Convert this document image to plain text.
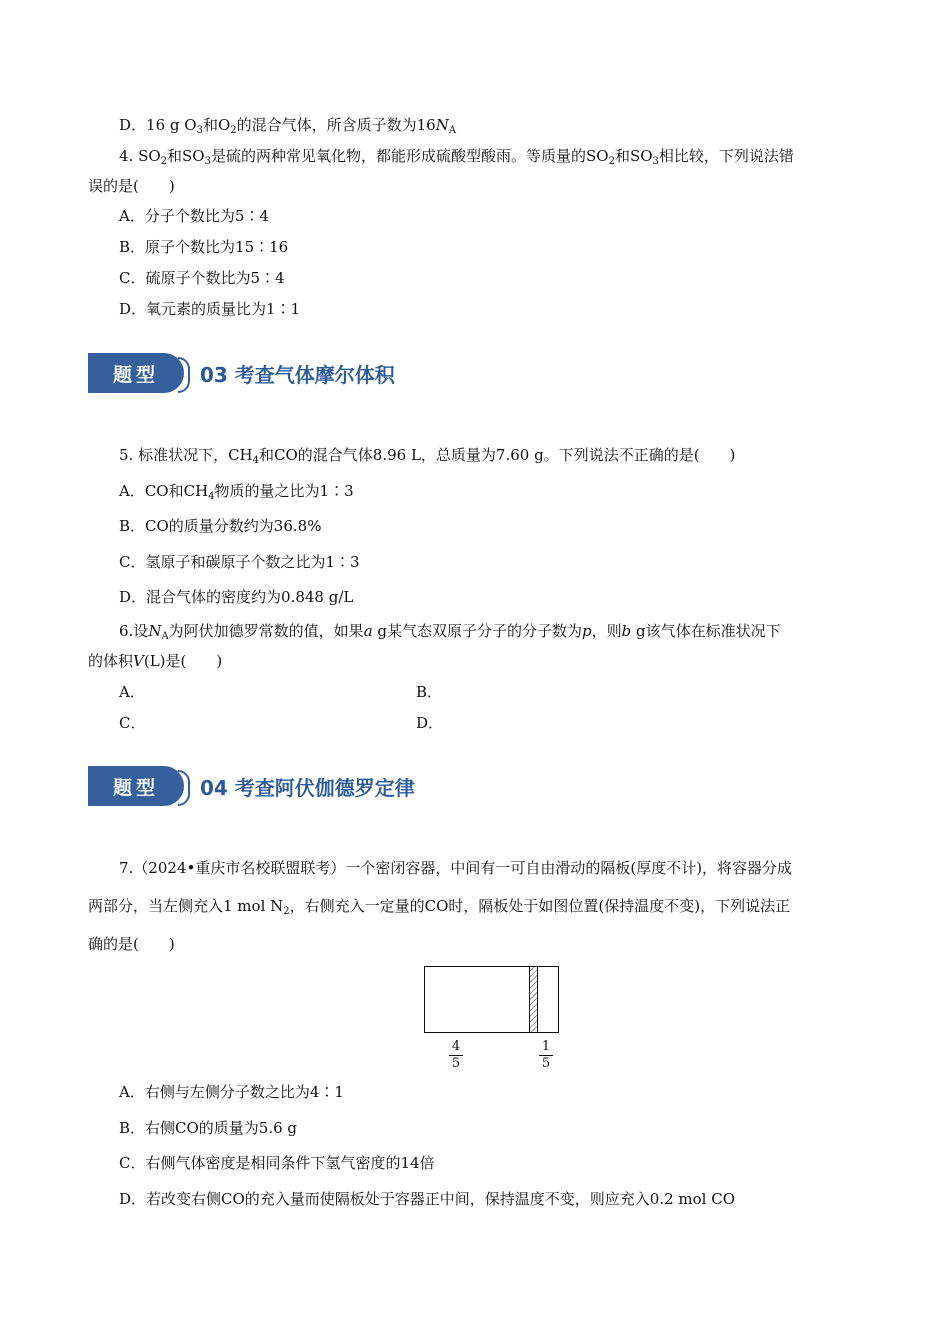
D．16 g $O_3$和$O_2$的混合气体，所含质子数为$16N_A$
4. $SO_2$和$SO_3$是硫的两种常见氧化物，都能形成硫酸型酸雨。等质量的$SO_2$和$SO_3$相比较，下列说法错
误的是(　　)
A．分子个数比为5∶4
B．原子个数比为15∶16
C．硫原子个数比为5∶4
D．氧元素的质量比为1∶1
题型 03 考查气体摩尔体积
5. 标准状况下，$CH_4$和CO的混合气体8.96 L，总质量为7.60 g。下列说法不正确的是(　　)
A．CO和$CH_4$物质的量之比为1∶3
B．CO的质量分数约为36.8%
C．氢原子和碳原子个数之比为1∶3
D．混合气体的密度约为0.848 g/L
6.设$N_A$为阿伏加德罗常数的值，如果a g某气态双原子分子的分子数为p，则b g该气体在标准状况下
的体积V(L)是(　　)
A．	B．
C．	D．
题型 04 考查阿伏伽德罗定律
7.（2024•重庆市名校联盟联考）一个密闭容器，中间有一可自由滑动的隔板(厚度不计)，将容器分成
两部分，当左侧充入1 mol $N_2$，右侧充入一定量的CO时，隔板处于如图位置(保持温度不变)，下列说法正
确的是(　　)
4
5
1
5
A．右侧与左侧分子数之比为4∶1
B．右侧CO的质量为5.6 g
C．右侧气体密度是相同条件下氢气密度的14倍
D．若改变右侧CO的充入量而使隔板处于容器正中间，保持温度不变，则应充入0.2 mol CO
